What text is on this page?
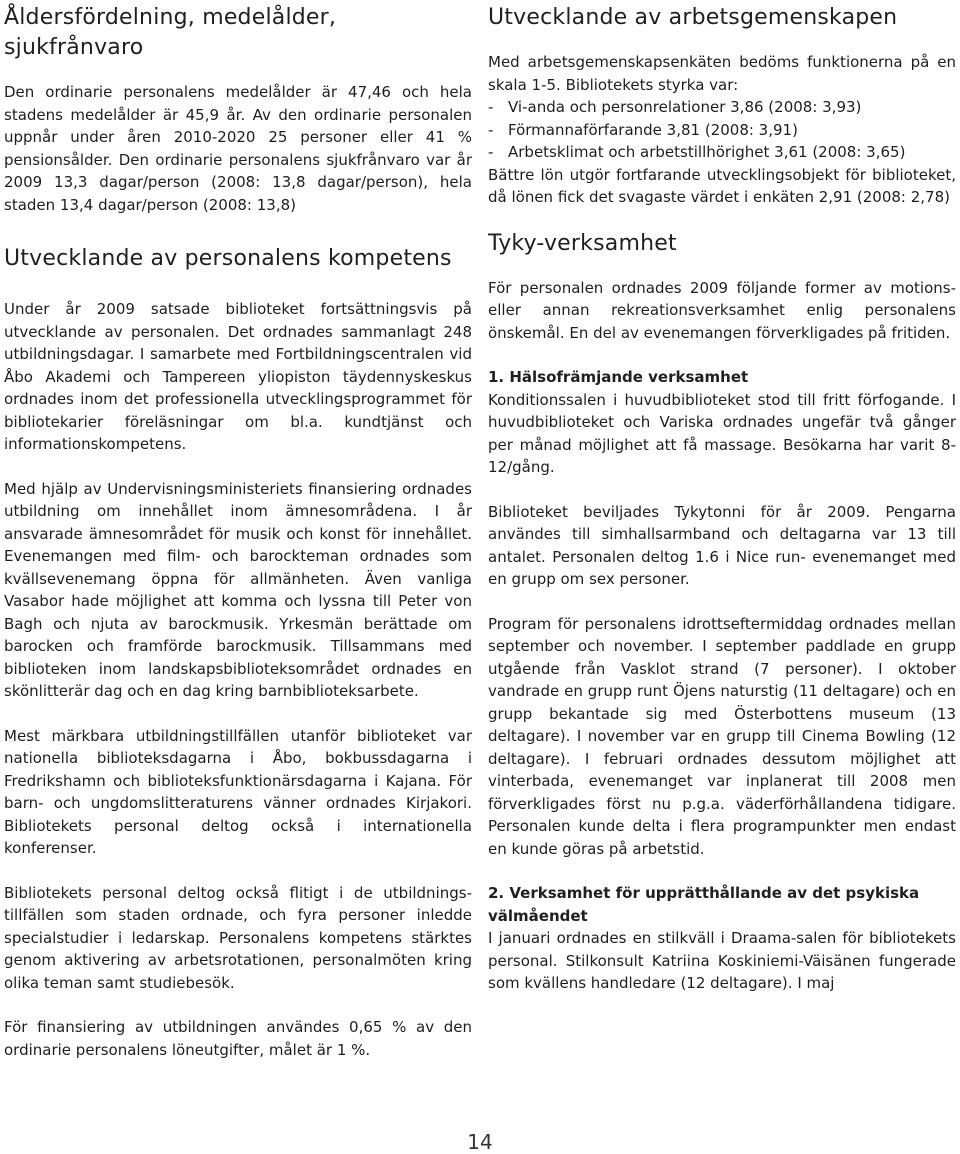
Åldersfördelning, medelålder, sjukfrånvaro

Den ordinarie personalens medelålder är 47,46 och hela stadens medelålder är 45,9 år. Av den ordinarie personalen uppnår under åren 2010-2020 25 personer eller 41 % pensionsålder. Den ordinarie personalens sjukfrånvaro var år 2009 13,3 dagar/person (2008: 13,8 dagar/person), hela staden 13,4 dagar/person (2008: 13,8)

Utvecklande av personalens kompetens

Under år 2009 satsade biblioteket fortsättningsvis på utvecklande av personalen. Det ordnades sammanlagt 248 utbildningsdagar. I samarbete med Fortbildningscentralen vid Åbo Akademi och Tampereen yliopiston täydennyskeskus ordnades inom det professionella utvecklingsprogrammet för bibliotekarier föreläsningar om bl.a. kundtjänst och informationskompetens.

Med hjälp av Undervisningsministeriets finansiering ordnades utbildning om innehållet inom ämnesområdena. I år ansvarade ämnesområdet för musik och konst för innehållet. Evenemangen med film- och barockteman ordnades som kvällsevenemang öppna för allmänheten. Även vanliga Vasabor hade möjlighet att komma och lyssna till Peter von Bagh och njuta av barockmusik. Yrkesmän berättade om barocken och framförde barockmusik. Tillsammans med biblioteken inom landskapsbiblioteksområdet ordnades en skönlitterär dag och en dag kring barnbiblioteksarbete.

Mest märkbara utbildningstillfällen utanför biblioteket var nationella biblioteksdagarna i Åbo, bokbussdagarna i Fredrikshamn och biblioteksfunktionärsdagarna i Kajana. För barn- och ungdomslitteraturens vänner ordnades Kirjakori. Bibliotekets personal deltog också i internationella konferenser.

Bibliotekets personal deltog också flitigt i de utbildningstillfällen som staden ordnade, och fyra personer inledde specialstudier i ledarskap. Personalens kompetens stärktes genom aktivering av arbetsrotationen, personalmöten kring olika teman samt studiebesök.

För finansiering av utbildningen användes 0,65 % av den ordinarie personalens löneutgifter, målet är 1 %.

Utvecklande av arbetsgemenskapen

Med arbetsgemenskapsenkäten bedöms funktionerna på en skala 1-5. Bibliotekets styrka var:

- Vi-anda och personrelationer 3,86 (2008: 3,93)
- Förmannaförfarande 3,81 (2008: 3,91)
- Arbetsklimat och arbetstillhörighet 3,61 (2008: 3,65)

Bättre lön utgör fortfarande utvecklingsobjekt för biblioteket, då lönen fick det svagaste värdet i enkäten 2,91 (2008: 2,78)

Tyky-verksamhet

För personalen ordnades 2009 följande former av motionseller annan rekreationsverksamhet enlig personalens önskemål. En del av evenemangen förverkligades på fritiden.

1. Hälsofrämjande verksamhet

Konditionssalen i huvudbiblioteket stod till fritt förfogande. I huvudbiblioteket och Variska ordnades ungefär två gånger per månad möjlighet att få massage. Besökarna har varit 8-12/gång.

Biblioteket beviljades Tykytonni för år 2009. Pengarna användes till simhallsarmband och deltagarna var 13 till antalet. Personalen deltog 1.6 i Nice run- evenemanget med en grupp om sex personer.

Program för personalens idrottseftermiddag ordnades mellan september och november. I september paddlade en grupp utgående från Vasklot strand (7 personer). I oktober vandrade en grupp runt Öjens naturstig (11 deltagare) och en grupp bekantade sig med Österbottens museum (13 deltagare). I november var en grupp till Cinema Bowling (12 deltagare). I februari ordnades dessutom möjlighet att vinterbada, evenemanget var inplanerat till 2008 men förverkligades först nu p.g.a. väderförhållandena tidigare. Personalen kunde delta i flera programpunkter men endast en kunde göras på arbetstid.

2. Verksamhet för upprätthållande av det psykiska välmåendet

I januari ordnades en stilkväll i Draama-salen för bibliotekets personal. Stilkonsult Katriina Koskiniemi-Väisänen fungerade som kvällens handledare (12 deltagare). I maj

14
